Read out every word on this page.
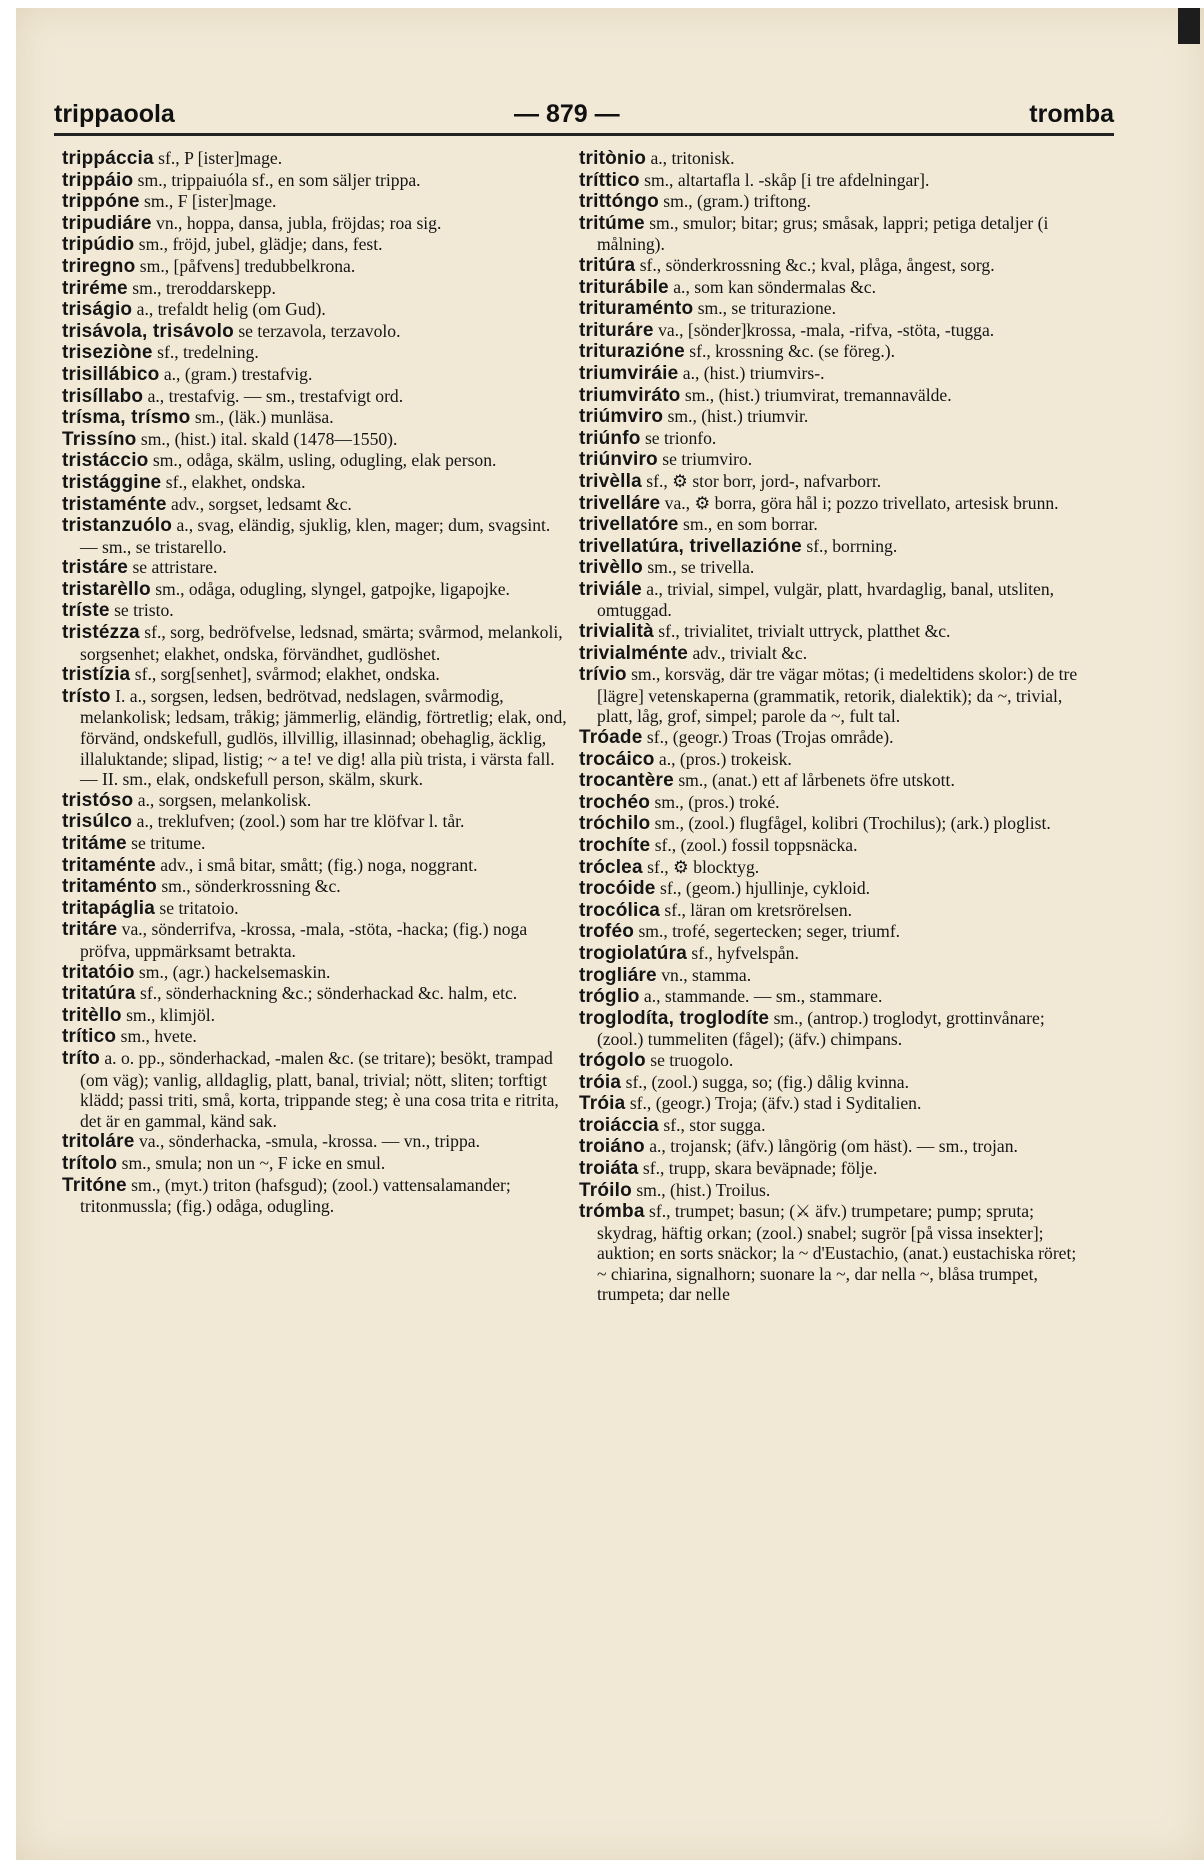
trippaoola	— 879 —	tromba

trippáccia sf., P [ister]mage.

trippáio sm., trippaiuóla sf., en som säljer trippa.

trippóne sm., F [ister]mage.

tripudiáre vn., hoppa, dansa, jubla, fröjdas; roa sig.

tripúdio sm., fröjd, jubel, glädje; dans, fest.

triregno sm., [påfvens] tredubbelkrona.

triréme sm., treroddarskepp.

triságio a., trefaldt helig (om Gud).

trisávola, trisávolo se terzavola, terzavolo.

triseziòne sf., tredelning.

trisillábico a., (gram.) trestafvig.

trisíllabo a., trestafvig. — sm., trestafvigt ord.

trísma, trísmo sm., (läk.) munläsa.

Trissíno sm., (hist.) ital. skald (1478—1550).

tristáccio sm., odåga, skälm, usling, odugling, elak person.

tristággine sf., elakhet, ondska.

tristaménte adv., sorgset, ledsamt &c.

tristanzuólo a., svag, eländig, sjuklig, klen, mager; dum, svagsint. — sm., se tristarello.

tristáre se attristare.

tristarèllo sm., odåga, odugling, slyngel, gatpojke, ligapojke.

tríste se tristo.

tristézza sf., sorg, bedröfvelse, ledsnad, smärta; svårmod, melankoli, sorgsenhet; elakhet, ondska, förvändhet, gudlöshet.

tristízia sf., sorg[senhet], svårmod; elakhet, ondska.

trísto I. a., sorgsen, ledsen, bedrötvad, nedslagen, svårmodig, melankolisk; ledsam, tråkig; jämmerlig, eländig, förtretlig; elak, ond, förvänd, ondskefull, gudlös, illvillig, illasinnad; obehaglig, äcklig, illaluktande; slipad, listig; ~ a te! ve dig! alla più trista, i värsta fall. — II. sm., elak, ondskefull person, skälm, skurk.

tristóso a., sorgsen, melankolisk.

trisúlco a., treklufven; (zool.) som har tre klöfvar l. tår.

tritáme se tritume.

tritaménte adv., i små bitar, smått; (fig.) noga, noggrant.

tritaménto sm., sönderkrossning &c.

tritapáglia se tritatoio.

tritáre va., sönderrifva, -krossa, -mala, -stöta, -hacka; (fig.) noga pröfva, uppmärksamt betrakta.

tritatóio sm., (agr.) hackelsemaskin.

tritatúra sf., sönderhackning &c.; sönderhackad &c. halm, etc.

tritèllo sm., klimjöl.

trítico sm., hvete.

tríto a. o. pp., sönderhackad, -malen &c. (se tritare); besökt, trampad (om väg); vanlig, alldaglig, platt, banal, trivial; nött, sliten; torftigt klädd; passi triti, små, korta, trippande steg; è una cosa trita e ritrita, det är en gammal, känd sak.

tritoláre va., sönderhacka, -smula, -krossa. — vn., trippa.

trítolo sm., smula; non un ~, F icke en smul.

Tritóne sm., (myt.) triton (hafsgud); (zool.) vattensalamander; tritonmussla; (fig.) odåga, odugling.

tritònio a., tritonisk.

tríttico sm., altartafla l. -skåp [i tre afdelningar].

trittóngo sm., (gram.) triftong.

tritúme sm., smulor; bitar; grus; småsak, lappri; petiga detaljer (i målning).

tritúra sf., sönderkrossning &c.; kval, plåga, ångest, sorg.

triturábile a., som kan söndermalas &c.

trituraménto sm., se triturazione.

trituráre va., [sönder]krossa, -mala, -rifva, -stöta, -tugga.

triturazióne sf., krossning &c. (se föreg.).

triumviráie a., (hist.) triumvirs-.

triumviráto sm., (hist.) triumvirat, tremannavälde.

triúmviro sm., (hist.) triumvir.

triúnfo se trionfo.

triúnviro se triumviro.

trivèlla sf., ⚙ stor borr, jord-, nafvarborr.

trivelláre va., ⚙ borra, göra hål i; pozzo trivellato, artesisk brunn.

trivellatóre sm., en som borrar.

trivellatúra, trivellazióne sf., borrning.

trivèllo sm., se trivella.

triviále a., trivial, simpel, vulgär, platt, hvardaglig, banal, utsliten, omtuggad.

trivialità sf., trivialitet, trivialt uttryck, platthet &c.

trivialménte adv., trivialt &c.

trívio sm., korsväg, där tre vägar mötas; (i medeltidens skolor:) de tre [lägre] vetenskaperna (grammatik, retorik, dialektik); da ~, trivial, platt, låg, grof, simpel; parole da ~, fult tal.

Tróade sf., (geogr.) Troas (Trojas område).

trocáico a., (pros.) trokeisk.

trocantère sm., (anat.) ett af lårbenets öfre utskott.

trochéo sm., (pros.) troké.

tróchilo sm., (zool.) flugfågel, kolibri (Trochilus); (ark.) ploglist.

trochíte sf., (zool.) fossil toppsnäcka.

tróclea sf., ⚙ blocktyg.

trocóide sf., (geom.) hjullinje, cykloid.

trocólica sf., läran om kretsrörelsen.

troféo sm., trofé, segertecken; seger, triumf.

trogiolatúra sf., hyfvelspån.

trogliáre vn., stamma.

tróglio a., stammande. — sm., stammare.

troglodíta, troglodíte sm., (antrop.) troglodyt, grottinvånare; (zool.) tummeliten (fågel); (äfv.) chimpans.

trógolo se truogolo.

tróia sf., (zool.) sugga, so; (fig.) dålig kvinna.

Tróia sf., (geogr.) Troja; (äfv.) stad i Syditalien.

troiáccia sf., stor sugga.

troiáno a., trojansk; (äfv.) långörig (om häst). — sm., trojan.

troiáta sf., trupp, skara beväpnade; följe.

Tróilo sm., (hist.) Troilus.

trómba sf., trumpet; basun; (⚔ äfv.) trumpetare; pump; spruta; skydrag, häftig orkan; (zool.) snabel; sugrör [på vissa insekter]; auktion; en sorts snäckor; la ~ d'Eustachio, (anat.) eustachiska röret; ~ chiarina, signalhorn; suonare la ~, dar nella ~, blåsa trumpet, trumpeta; dar nelle
